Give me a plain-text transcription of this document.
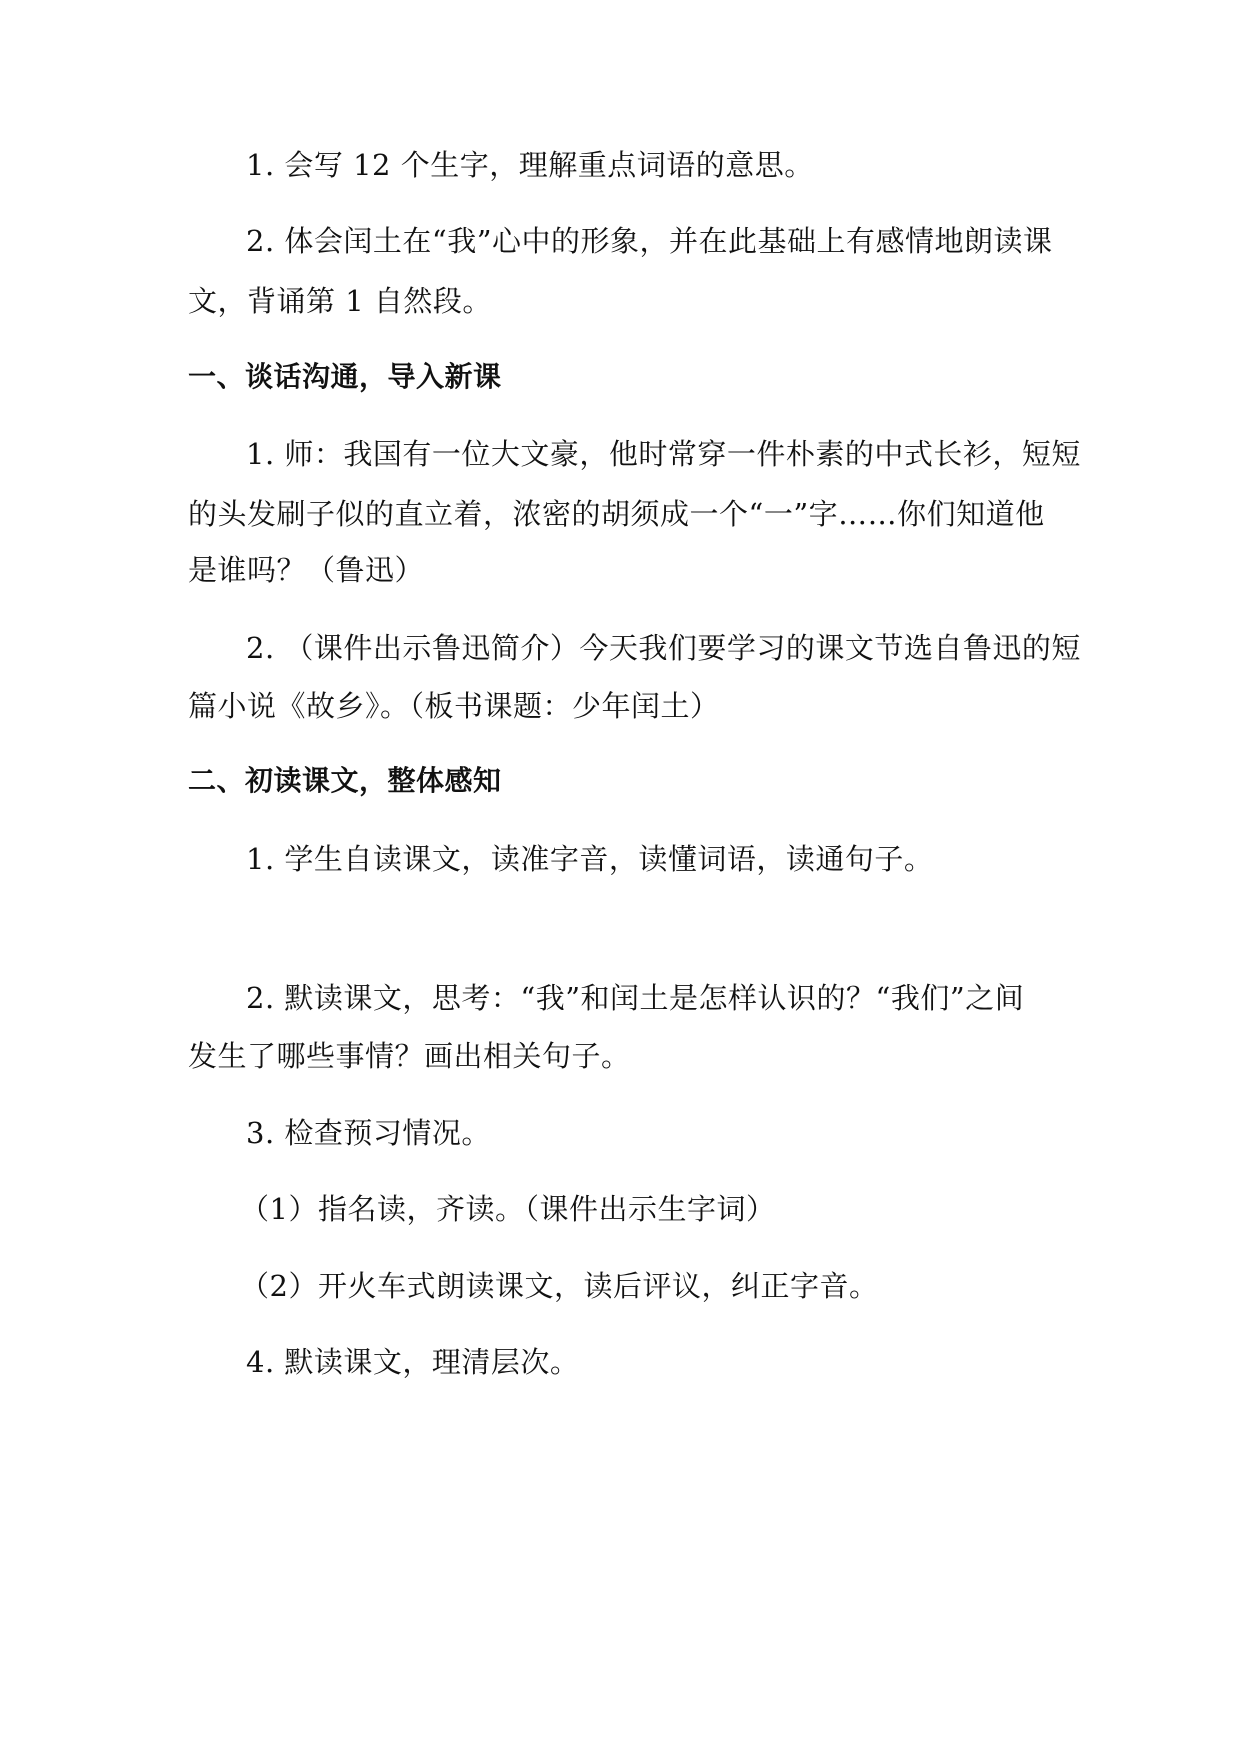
1. 会写 12 个生字，理解重点词语的意思。
2. 体会闰土在“我”心中的形象，并在此基础上有感情地朗读课
文，背诵第 1 自然段。
一、谈话沟通，导入新课
1. 师：我国有一位大文豪，他时常穿一件朴素的中式长衫，短短
的头发刷子似的直立着，浓密的胡须成一个“一”字……你们知道他
是谁吗？（鲁迅）
2. （课件出示鲁迅简介）今天我们要学习的课文节选自鲁迅的短
篇小说《故乡》。（板书课题：少年闰土）
二、初读课文，整体感知
1. 学生自读课文，读准字音，读懂词语，读通句子。
2. 默读课文，思考：“我”和闰土是怎样认识的？“我们”之间
发生了哪些事情？画出相关句子。
3. 检查预习情况。
（1）指名读，齐读。（课件出示生字词）
（2）开火车式朗读课文，读后评议，纠正字音。
4. 默读课文，理清层次。
